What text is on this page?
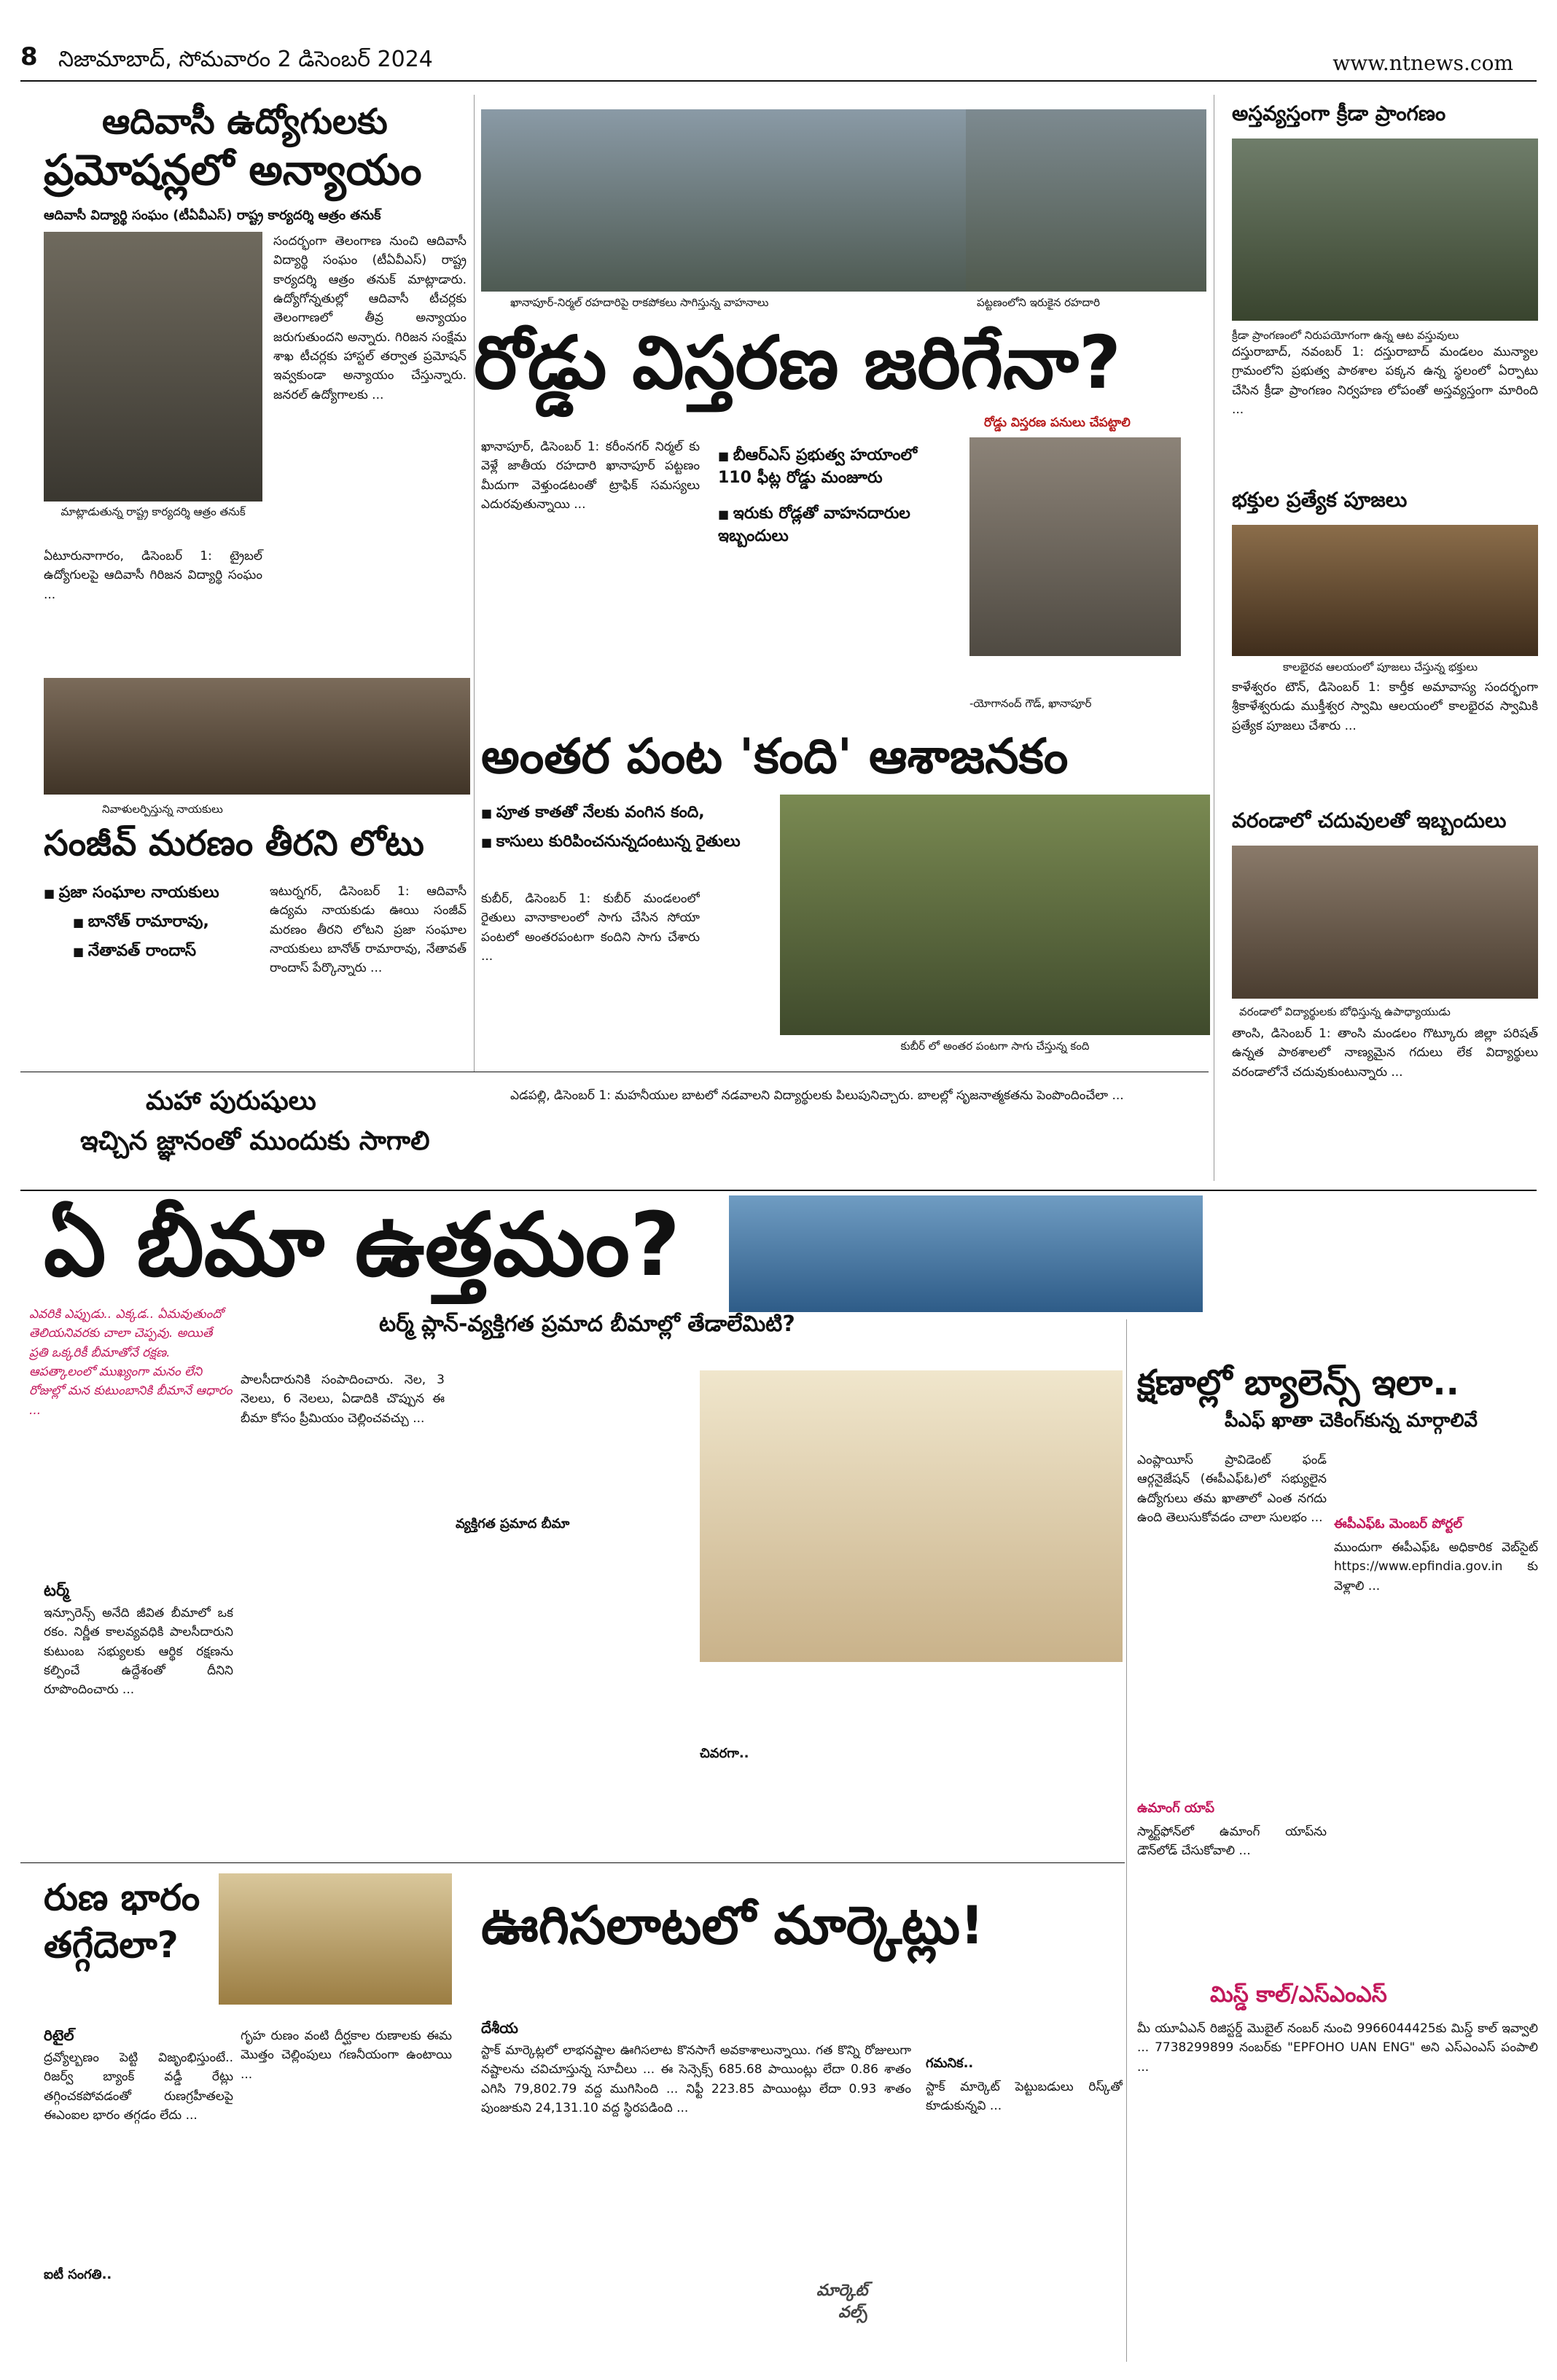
8 నిజామాబాద్, సోమవారం 2 డిసెంబర్ 2024	www.ntnews.com
ఆదివాసీ ఉద్యోగులకు
ప్రమోషన్లలో అన్యాయం
ఆదివాసీ విద్యార్థి సంఘం (టీఏవీఎస్) రాష్ట్ర కార్యదర్శి ఆత్రం తనుక్
మాట్లాడుతున్న రాష్ట్ర కార్యదర్శి ఆత్రం తనుక్
ఏటూరునాగారం, డిసెంబర్ 1: ట్రైబల్ ఉద్యోగులపై ఆదివాసీ గిరిజన విద్యార్థి సంఘం ...
సందర్భంగా తెలంగాణ నుంచి ఆదివాసీ విద్యార్థి సంఘం (టీఏవీఎస్) రాష్ట్ర కార్యదర్శి ఆత్రం తనుక్ మాట్లాడారు. ఉద్యోగోన్నతుల్లో ఆదివాసీ టీచర్లకు తెలంగాణలో తీవ్ర అన్యాయం జరుగుతుందని అన్నారు. గిరిజన సంక్షేమ శాఖ టీచర్లకు హాస్టల్ తర్వాత ప్రమోషన్ ఇవ్వకుండా అన్యాయం చేస్తున్నారు. జనరల్ ఉద్యోగాలకు ...
ఖానాపూర్-నిర్మల్ రహదారిపై రాకపోకలు సాగిస్తున్న వాహనాలు	పట్టణంలోని ఇరుకైన రహదారి
రోడ్డు విస్తరణ జరిగేనా?
రోడ్డు విస్తరణ పనులు చేపట్టాలి
ఖానాపూర్, డిసెంబర్ 1: కరీంనగర్ నిర్మల్ కు వెళ్లే జాతీయ రహదారి ఖానాపూర్ పట్టణం మీదుగా వెళ్తుండటంతో ట్రాఫిక్ సమస్యలు ఎదురవుతున్నాయి ...
■ బీఆర్ఎస్ ప్రభుత్వ హయాంలో 110 ఫీట్ల రోడ్డు మంజూరు
■ ఇరుకు రోడ్లతో వాహనదారుల ఇబ్బందులు
-యోగానంద్ గౌడ్, ఖానాపూర్
అంతర పంట 'కంది' ఆశాజనకం
■ పూత కాతతో నేలకు వంగిన కంది,
■ కాసులు కురిపించనున్నదంటున్న రైతులు
కుబీర్, డిసెంబర్ 1: కుబీర్ మండలంలో రైతులు వానాకాలంలో సాగు చేసిన సోయా పంటలో అంతరపంటగా కందిని సాగు చేశారు ...
కుబీర్ లో అంతర పంటగా సాగు చేస్తున్న కంది
నివాళులర్పిస్తున్న నాయకులు
సంజీవ్ మరణం తీరని లోటు
■ ప్రజా సంఘాల నాయకులు
■ బానోత్ రామారావు,
■ నేతావత్ రాందాస్
ఇటుర్నగర్, డిసెంబర్ 1: ఆదివాసీ ఉద్యమ నాయకుడు ఊయి సంజీవ్ మరణం తీరని లోటని ప్రజా సంఘాల నాయకులు బానోత్ రామారావు, నేతావత్ రాందాస్ పేర్కొన్నారు ...
మహా పురుషులు
ఇచ్చిన జ్ఞానంతో ముందుకు సాగాలి
ఎడపల్లి, డిసెంబర్ 1: మహనీయుల బాటలో నడవాలని విద్యార్థులకు పిలుపునిచ్చారు. బాలల్లో సృజనాత్మకతను పెంపొందించేలా ...
అస్తవ్యస్తంగా క్రీడా ప్రాంగణం
క్రీడా ప్రాంగణంలో నిరుపయోగంగా ఉన్న ఆట వస్తువులు
దస్తురాబాద్, నవంబర్ 1: దస్తురాబాద్ మండలం మున్యాల గ్రామంలోని ప్రభుత్వ పాఠశాల పక్కన ఉన్న స్థలంలో ఏర్పాటు చేసిన క్రీడా ప్రాంగణం నిర్వహణ లోపంతో అస్తవ్యస్తంగా మారింది ...
భక్తుల ప్రత్యేక పూజలు
కాలభైరవ ఆలయంలో పూజలు చేస్తున్న భక్తులు
కాళేశ్వరం టౌన్, డిసెంబర్ 1: కార్తీక అమావాస్య సందర్భంగా శ్రీకాళేశ్వరుడు ముక్తీశ్వర స్వామి ఆలయంలో కాలభైరవ స్వామికి ప్రత్యేక పూజలు చేశారు ...
వరండాలో చదువులతో ఇబ్బందులు
వరండాలో విద్యార్థులకు బోధిస్తున్న ఉపాధ్యాయుడు
తాంసి, డిసెంబర్ 1: తాంసి మండలం గొట్కూరు జిల్లా పరిషత్ ఉన్నత పాఠశాలలో నాణ్యమైన గదులు లేక విద్యార్థులు వరండాలోనే చదువుకుంటున్నారు ...
ఏ బీమా ఉత్తమం?
టర్మ్ ప్లాన్-వ్యక్తిగత ప్రమాద బీమాల్లో తేడాలేమిటి?
ఎవరికి ఎప్పుడు.. ఎక్కడ.. ఏమవుతుందో తెలియనివరకు చాలా చెప్పవు. అయితే ప్రతి ఒక్కరికీ బీమాతోనే రక్షణ. ఆపత్కాలంలో ముఖ్యంగా మనం లేని రోజుల్లో మన కుటుంబానికి బీమానే ఆధారం ...
టర్మ్
ఇన్సూరెన్స్ అనేది జీవిత బీమాలో ఒక రకం. నిర్ణీత కాలవ్యవధికి పాలసీదారుని కుటుంబ సభ్యులకు ఆర్థిక రక్షణను కల్పించే ఉద్దేశంతో దీనిని రూపొందించారు ...
పాలసీదారునికి సంపాదించారు. నెల, 3 నెలలు, 6 నెలలు, ఏడాదికి చొప్పున ఈ బీమా కోసం ప్రీమియం చెల్లించవచ్చు ...
వ్యక్తిగత ప్రమాద బీమా
చివరగా..
క్షణాల్లో బ్యాలెన్స్ ఇలా..
పీఎఫ్ ఖాతా చెకింగ్‌కున్న మార్గాలివే
ఎంప్లాయీస్ ప్రావిడెంట్ ఫండ్ ఆర్గనైజేషన్ (ఈపీఎఫ్‌ఓ)లో సభ్యులైన ఉద్యోగులు తమ ఖాతాలో ఎంత నగదు ఉంది తెలుసుకోవడం చాలా సులభం ... ఈపీఎఫ్‌ఓ మెంబర్ పోర్టల్
ముందుగా ఈపీఎఫ్‌ఓ అధికారిక వెబ్‌సైట్ https://www.epfindia.gov.in కు వెళ్లాలి ...
ఉమాంగ్ యాప్
స్మార్ట్‌ఫోన్‌లో ఉమాంగ్ యాప్‌ను డౌన్‌లోడ్ చేసుకోవాలి ...
మిస్డ్ కాల్/ఎస్ఎంఎస్
మీ యూఏఎన్ రిజిస్టర్డ్ మొబైల్ నంబర్ నుంచి 9966044425కు మిస్డ్ కాల్ ఇవ్వాలి ... 7738299899 నంబర్‌కు "EPFOHO UAN ENG" అని ఎస్ఎంఎస్ పంపాలి ...
రుణ భారం
తగ్గేదెలా?
రిటైల్
ద్రవ్యోల్బణం పెట్టి విజృంభిస్తుంటే.. రిజర్వ్ బ్యాంక్ వడ్డీ రేట్లు తగ్గించకపోవడంతో రుణగ్రహీతలపై ఈఎంఐల భారం తగ్గడం లేదు ...
ఐటీ సంగతి..
గృహ రుణం వంటి దీర్ఘకాల రుణాలకు ఈమ మొత్తం చెల్లింపులు గణనీయంగా ఉంటాయి ...
ఊగిసలాటలో మార్కెట్లు!
దేశీయ
స్టాక్ మార్కెట్లలో లాభనష్టాల ఊగిసలాట కొనసాగే అవకాశాలున్నాయి. గత కొన్ని రోజులుగా నష్టాలను చవిచూస్తున్న సూచీలు ... ఈ సెన్సెక్స్ 685.68 పాయింట్లు లేదా 0.86 శాతం ఎగిసి 79,802.79 వద్ద ముగిసింది ... నిఫ్టీ 223.85 పాయింట్లు లేదా 0.93 శాతం పుంజుకుని 24,131.10 వద్ద స్థిరపడింది ...
మార్కెట్
వల్స్
గమనిక..
స్టాక్ మార్కెట్ పెట్టుబడులు రిస్క్‌తో కూడుకున్నవి ...
